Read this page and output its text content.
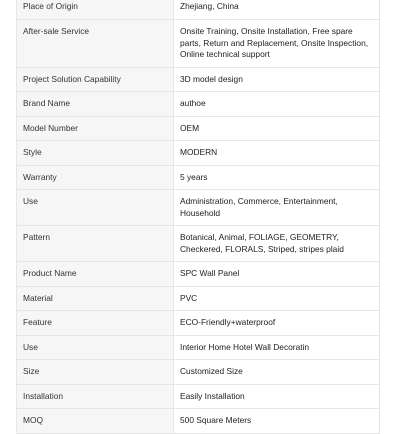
Place of Origin	Zhejiang, China

After-sale Service	Onsite Training, Onsite Installation, Free spare parts, Return and Replacement, Onsite Inspection, Online technical support

Project Solution Capability	3D model design

Brand Name	authoe

Model Number	OEM

Style	MODERN

Warranty	5 years

Use	Administration, Commerce, Entertainment, Household

Pattern	Botanical, Animal, FOLIAGE, GEOMETRY, Checkered, FLORALS, Striped, stripes plaid

Product Name	SPC Wall Panel

Material	PVC

Feature	ECO-Friendly+waterproof

Use	Interior Home Hotel Wall Decoratin

Size	Customized Size

Installation	Easily Installation

MOQ	500 Square Meters
